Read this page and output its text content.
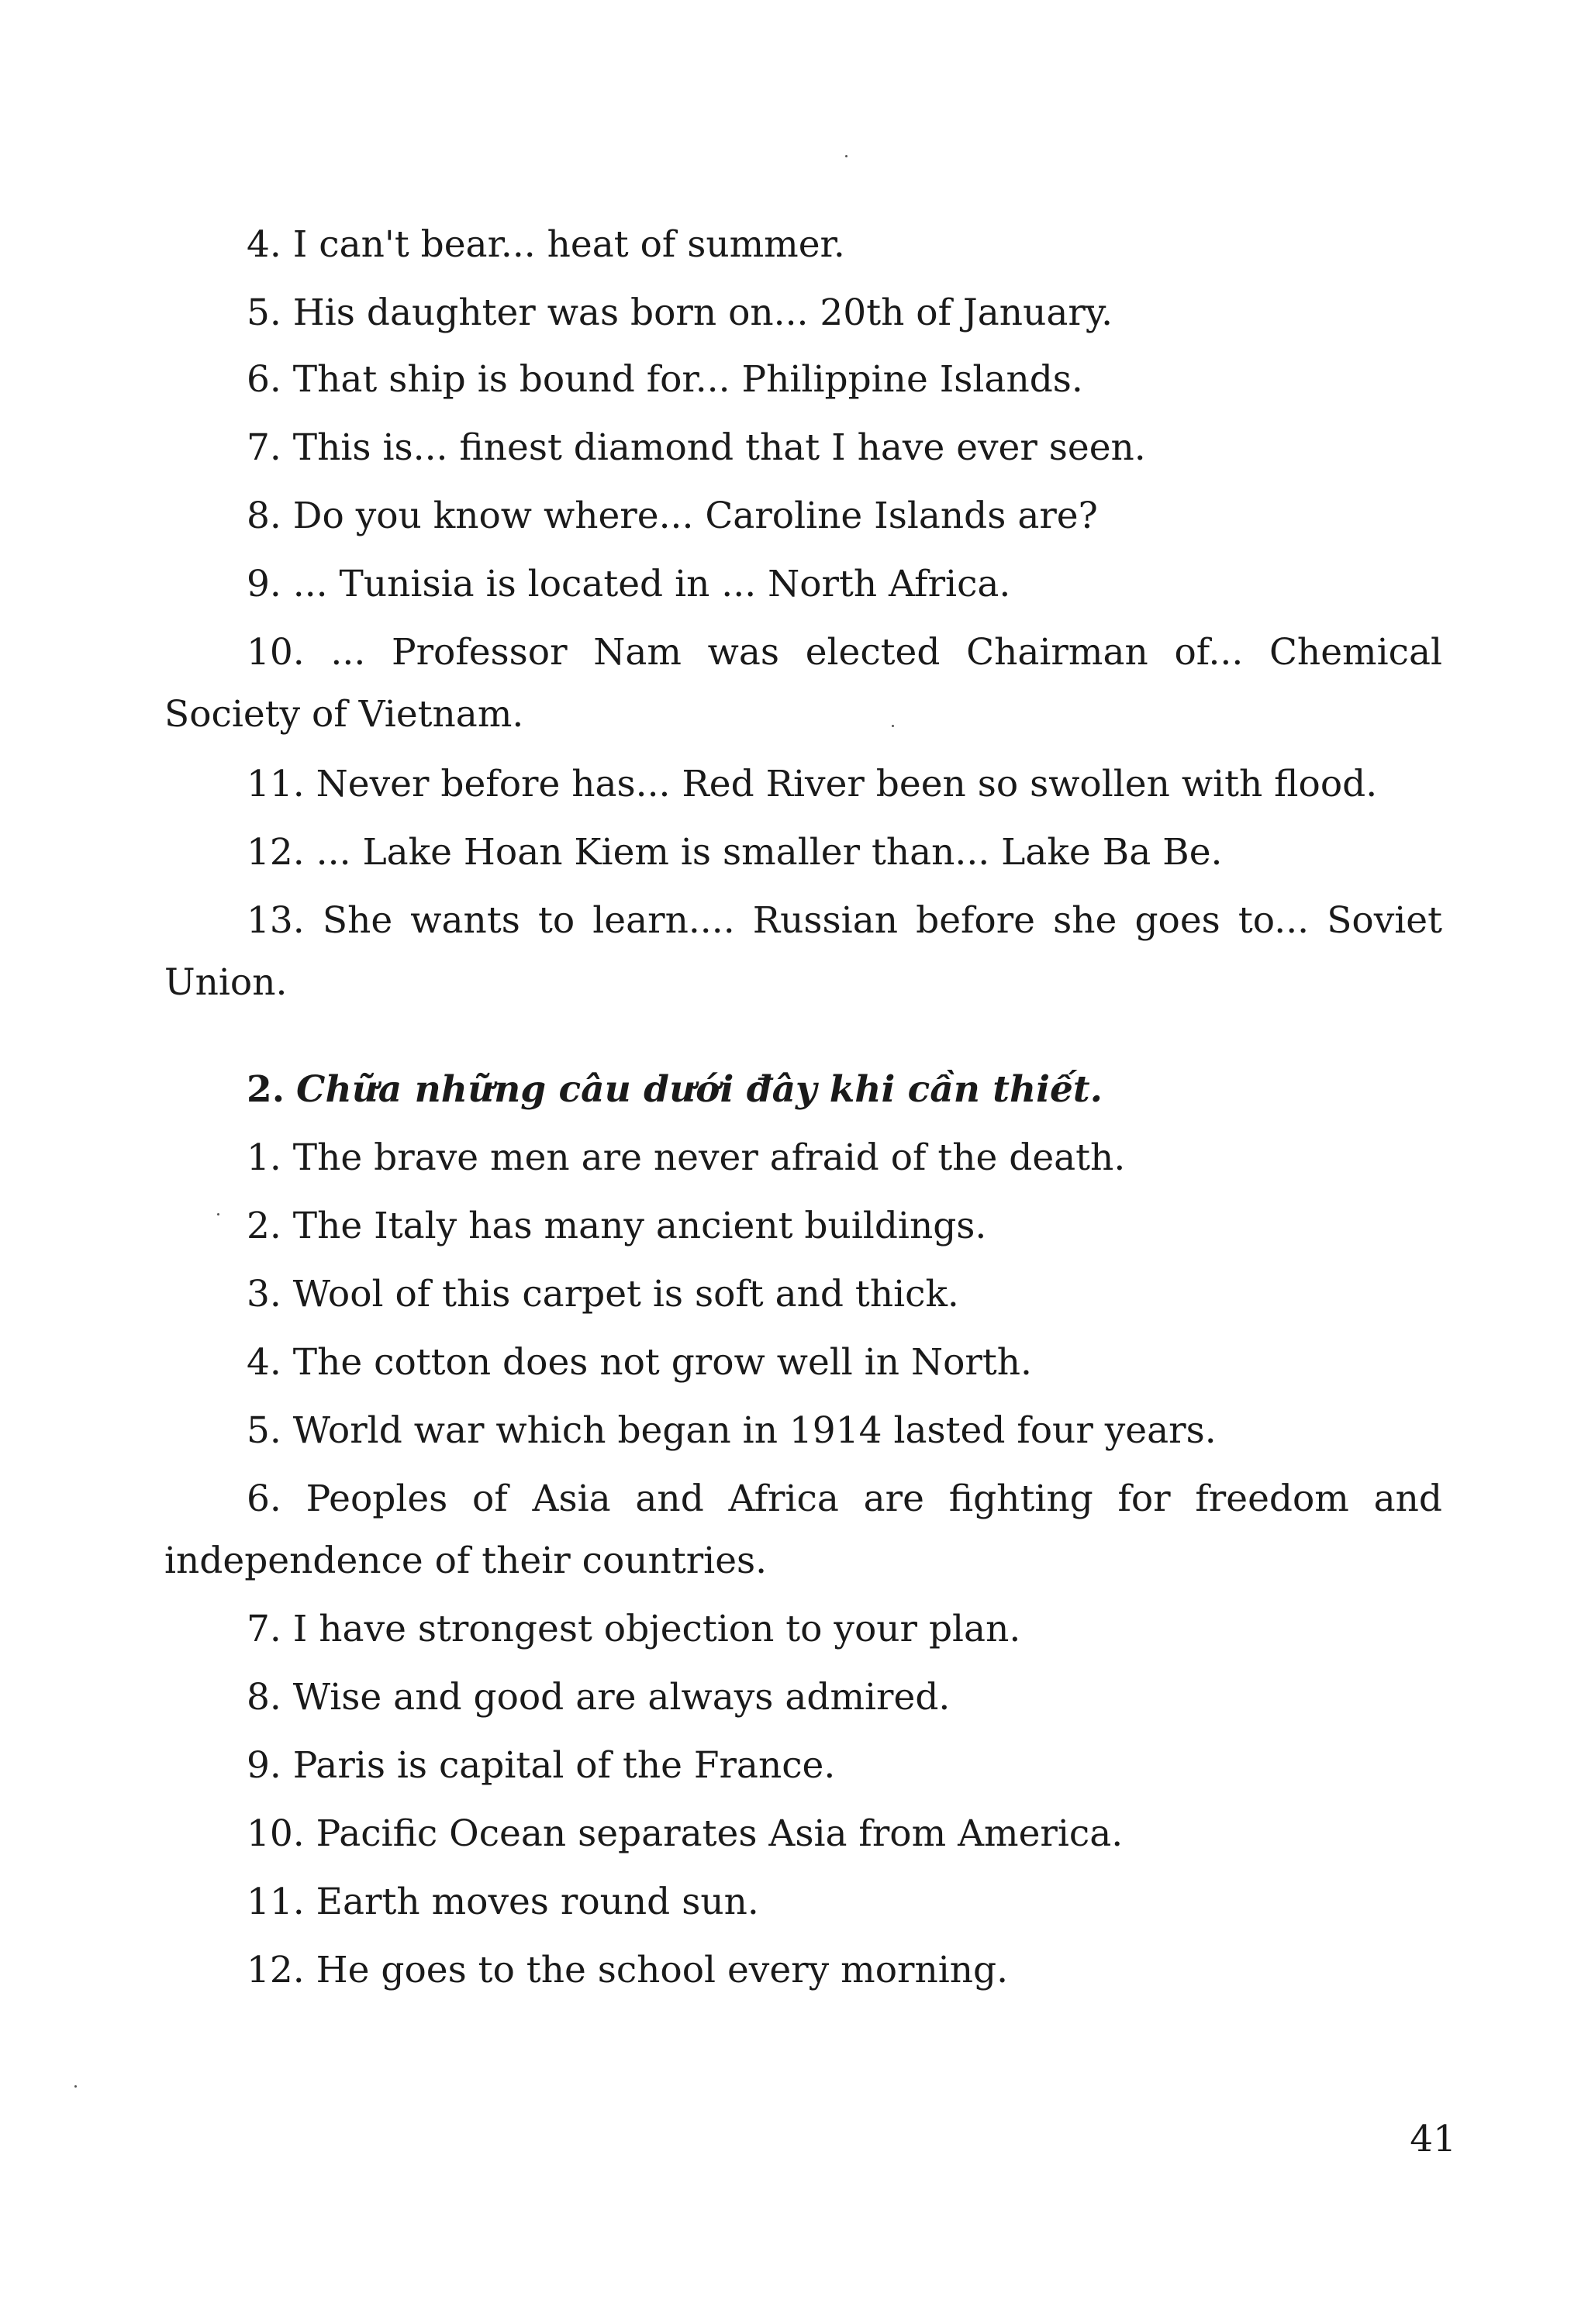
4. I can't bear... heat of summer.
5. His daughter was born on... 20th of January.
6. That ship is bound for... Philippine Islands.
7. This is... finest diamond that I have ever seen.
8. Do you know where... Caroline Islands are?
9. ... Tunisia is located in ... North Africa.
10. ... Professor Nam was elected Chairman of... Chemical
Society of Vietnam.
11. Never before has... Red River been so swollen with flood.
12. ... Lake Hoan Kiem is smaller than... Lake Ba Be.
13. She wants to learn.... Russian before she goes to... Soviet
Union.
2. Chữa những câu dưới đây khi cần thiết.
1. The brave men are never afraid of the death.
2. The Italy has many ancient buildings.
3. Wool of this carpet is soft and thick.
4. The cotton does not grow well in North.
5. World war which began in 1914 lasted four years.
6. Peoples of Asia and Africa are fighting for freedom and
independence of their countries.
7. I have strongest objection to your plan.
8. Wise and good are always admired.
9. Paris is capital of the France.
10. Pacific Ocean separates Asia from America.
11. Earth moves round sun.
12. He goes to the school every morning.
41
